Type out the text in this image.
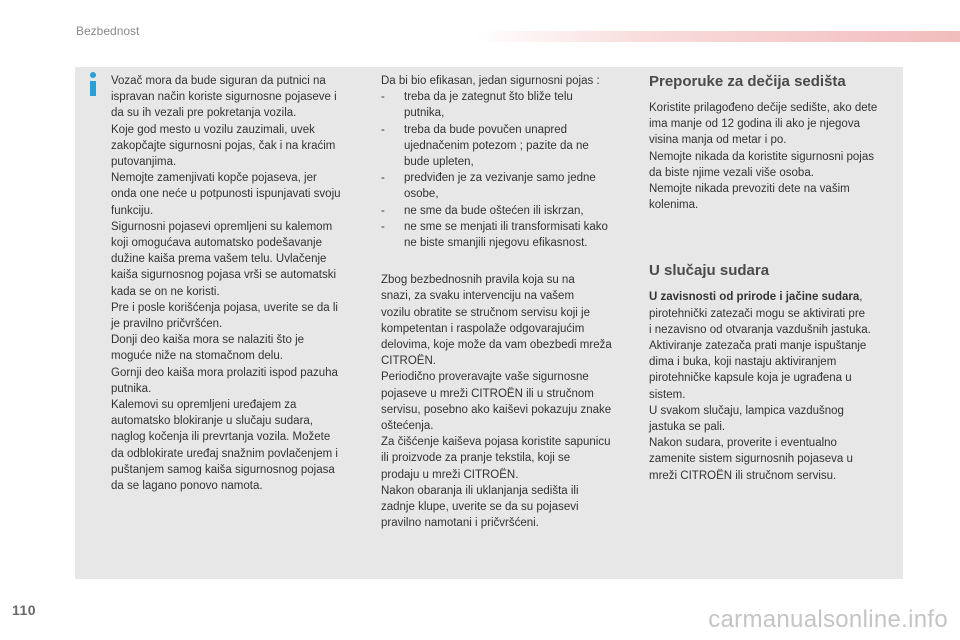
Bezbednost
Vozač mora da bude siguran da putnici na
ispravan način koriste sigurnosne pojaseve i
da su ih vezali pre pokretanja vozila.
Koje god mesto u vozilu zauzimali, uvek
zakopčajte sigurnosni pojas, čak i na kraćim
putovanjima.
Nemojte zamenjivati kopče pojaseva, jer
onda one neće u potpunosti ispunjavati svoju
funkciju.
Sigurnosni pojasevi opremljeni su kalemom
koji omogućava automatsko podešavanje
dužine kaiša prema vašem telu. Uvlačenje
kaiša sigurnosnog pojasa vrši se automatski
kada se on ne koristi.
Pre i posle korišćenja pojasa, uverite se da li
je pravilno pričvršćen.
Donji deo kaiša mora se nalaziti što je
moguće niže na stomačnom delu.
Gornji deo kaiša mora prolaziti ispod pazuha
putnika.
Kalemovi su opremljeni uređajem za
automatsko blokiranje u slučaju sudara,
naglog kočenja ili prevrtanja vozila. Možete
da odblokirate uređaj snažnim povlačenjem i
puštanjem samog kaiša sigurnosnog pojasa
da se lagano ponovo namota.

Da bi bio efikasan, jedan sigurnosni pojas :

- treba da je zategnut što bliže telu
putnika,
- treba da bude povučen unapred
ujednačenim potezom ; pazite da ne
bude upleten,
- predviđen je za vezivanje samo jedne
osobe,
- ne sme da bude oštećen ili iskrzan,
- ne sme se menjati ili transformisati kako
ne biste smanjili njegovu efikasnost.
Zbog bezbednosnih pravila koja su na
snazi, za svaku intervenciju na vašem
vozilu obratite se stručnom servisu koji je
kompetentan i raspolaže odgovarajućim
delovima, koje može da vam obezbedi mreža
CITROËN.
Periodično proveravajte vaše sigurnosne
pojaseve u mreži CITROËN ili u stručnom
servisu, posebno ako kaiševi pokazuju znake
oštećenja.
Za čišćenje kaiševa pojasa koristite sapunicu
ili proizvode za pranje tekstila, koji se
prodaju u mreži CITROËN.
Nakon obaranja ili uklanjanja sedišta ili
zadnje klupe, uverite se da su pojasevi
pravilno namotani i pričvršćeni.
Preporuke za dečija sedišta
Koristite prilagođeno dečije sedište, ako dete
ima manje od 12 godina ili ako je njegova
visina manja od metar i po.
Nemojte nikada da koristite sigurnosni pojas
da biste njime vezali više osoba.
Nemojte nikada prevoziti dete na vašim
kolenima.
U slučaju sudara
U zavisnosti od prirode i jačine sudara,
pirotehnički zatezači mogu se aktivirati pre
i nezavisno od otvaranja vazdušnih jastuka.
Aktiviranje zatezača prati manje ispuštanje
dima i buka, koji nastaju aktiviranjem
pirotehničke kapsule koja je ugrađena u
sistem.
U svakom slučaju, lampica vazdušnog
jastuka se pali.
Nakon sudara, proverite i eventualno
zamenite sistem sigurnosnih pojaseva u
mreži CITROËN ili stručnom servisu.
110	carmanualsonline.info
